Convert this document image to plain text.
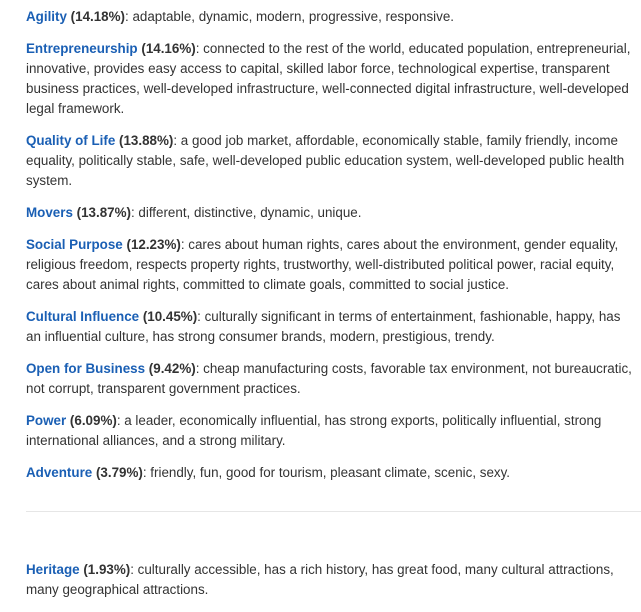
Agility (14.18%): adaptable, dynamic, modern, progressive, responsive.

Entrepreneurship (14.16%): connected to the rest of the world, educated population, entrepreneurial, innovative, provides easy access to capital, skilled labor force, technological expertise, transparent business practices, well-developed infrastructure, well-connected digital infrastructure, well-developed legal framework.

Quality of Life (13.88%): a good job market, affordable, economically stable, family friendly, income equality, politically stable, safe, well-developed public education system, well-developed public health system.

Movers (13.87%): different, distinctive, dynamic, unique.

Social Purpose (12.23%): cares about human rights, cares about the environment, gender equality, religious freedom, respects property rights, trustworthy, well-distributed political power, racial equity, cares about animal rights, committed to climate goals, committed to social justice.

Cultural Influence (10.45%): culturally significant in terms of entertainment, fashionable, happy, has an influential culture, has strong consumer brands, modern, prestigious, trendy.

Open for Business (9.42%): cheap manufacturing costs, favorable tax environment, not bureaucratic, not corrupt, transparent government practices.

Power (6.09%): a leader, economically influential, has strong exports, politically influential, strong international alliances, and a strong military.

Adventure (3.79%): friendly, fun, good for tourism, pleasant climate, scenic, sexy.

Heritage (1.93%): culturally accessible, has a rich history, has great food, many cultural attractions, many geographical attractions.
